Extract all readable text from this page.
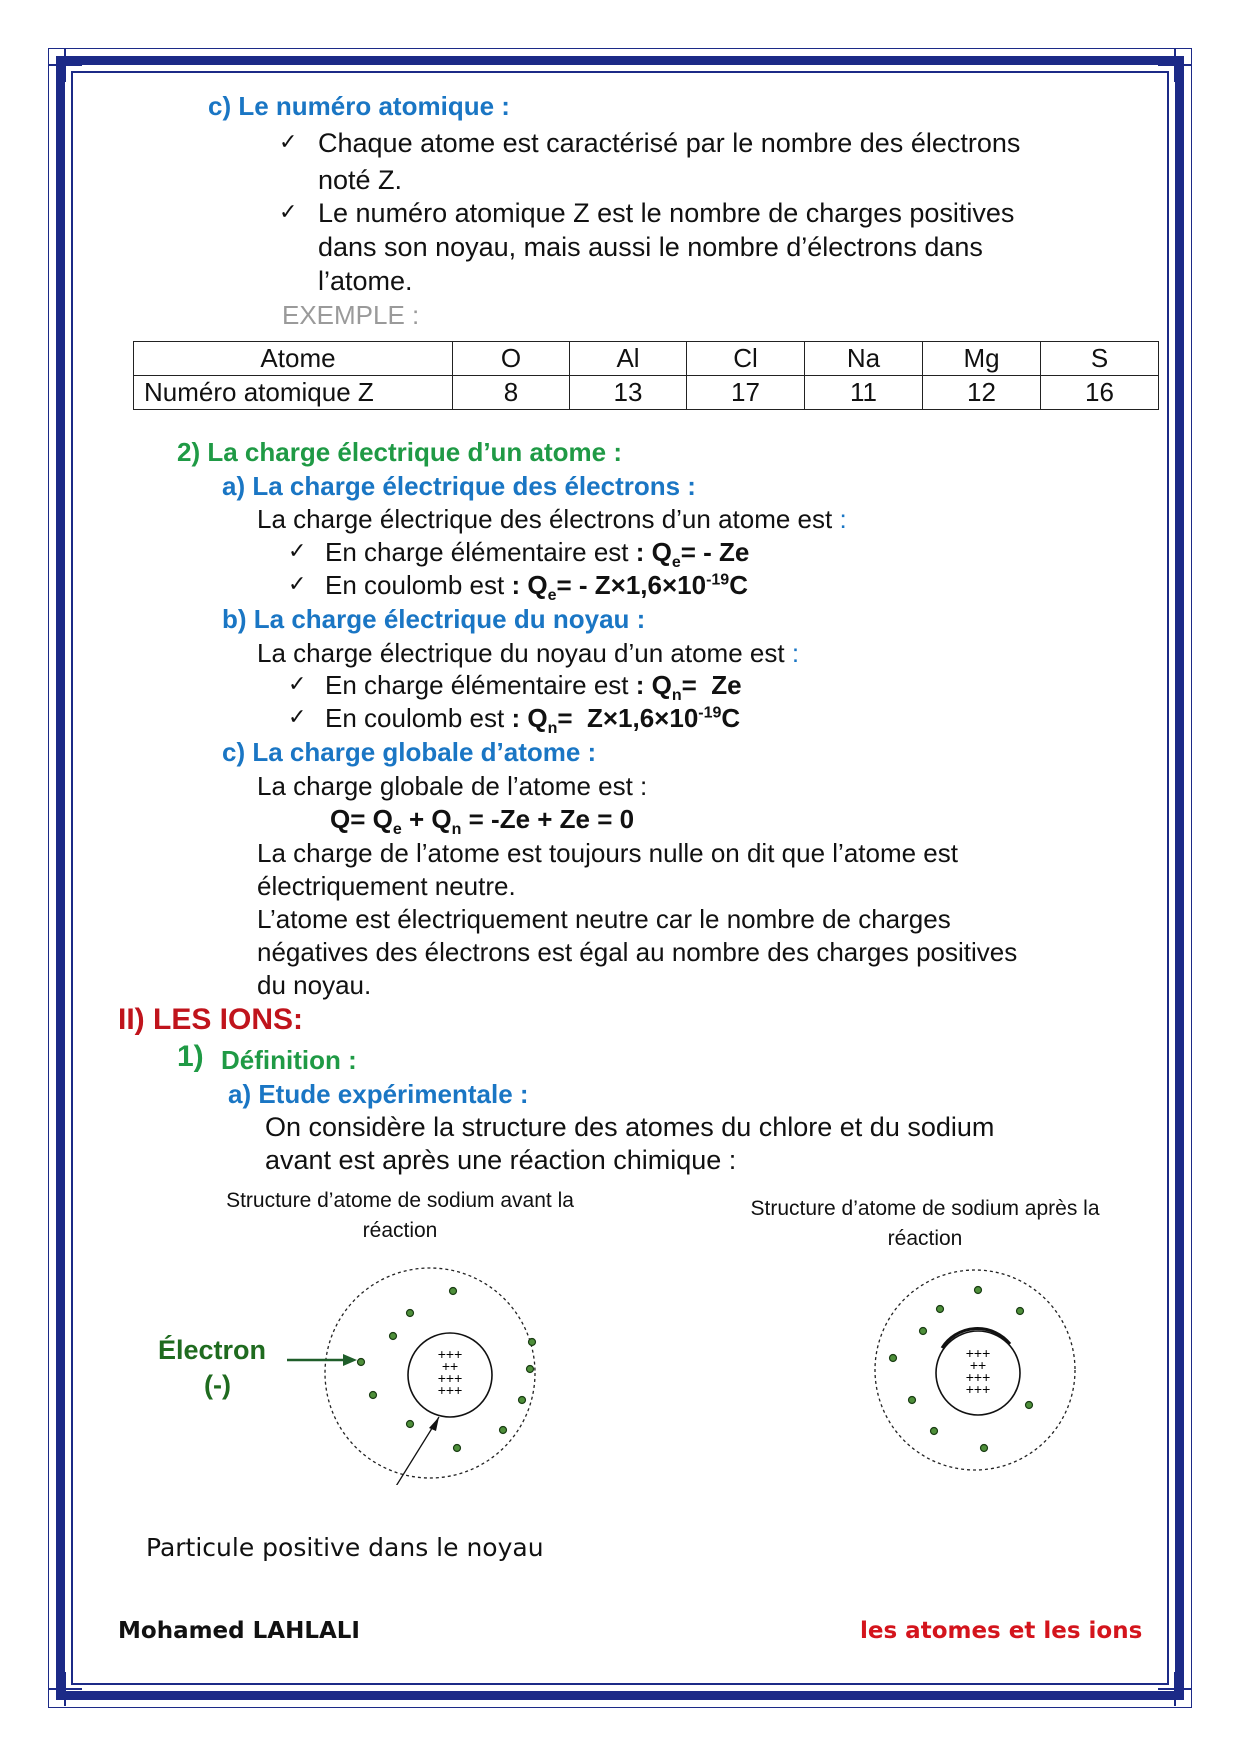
c) Le numéro atomique :
✓ Chaque atome est caractérisé par le nombre des électrons
noté Z.
✓ Le numéro atomique Z est le nombre de charges positives
dans son noyau, mais aussi le nombre d’électrons dans
l’atome.
EXEMPLE :
Atome	O	Al	Cl	Na	Mg	S
Numéro atomique Z	8	13	17	11	12	16
2) La charge électrique d’un atome :
a) La charge électrique des électrons :
La charge électrique des électrons d’un atome est :
✓ En charge élémentaire est : $Q_e= - Ze$
✓ En coulomb est : $Q_e= - Z\times 1,6\times 10^{-19}C$
b) La charge électrique du noyau :
La charge électrique du noyau d’un atome est :
✓ En charge élémentaire est : $Q_n= Ze$
✓ En coulomb est : $Q_n= Z\times 1,6\times 10^{-19}C$
c) La charge globale d’atome :
La charge globale de l’atome est :
$Q= Q_e + Q_n = -Ze + Ze = 0$
La charge de l’atome est toujours nulle on dit que l’atome est
électriquement neutre.
L’atome est électriquement neutre car le nombre de charges
négatives des électrons est égal au nombre des charges positives
du noyau.
II) LES IONS:
1) Définition :
a) Etude expérimentale :
On considère la structure des atomes du chlore et du sodium
avant est après une réaction chimique :
Structure d’atome de sodium avant la
réaction
Structure d’atome de sodium après la
réaction
+++
++
+++
+++
Électron
(-)
+++
++
+++
+++
Particule positive dans le noyau
Mohamed LAHLALI	les atomes et les ions
